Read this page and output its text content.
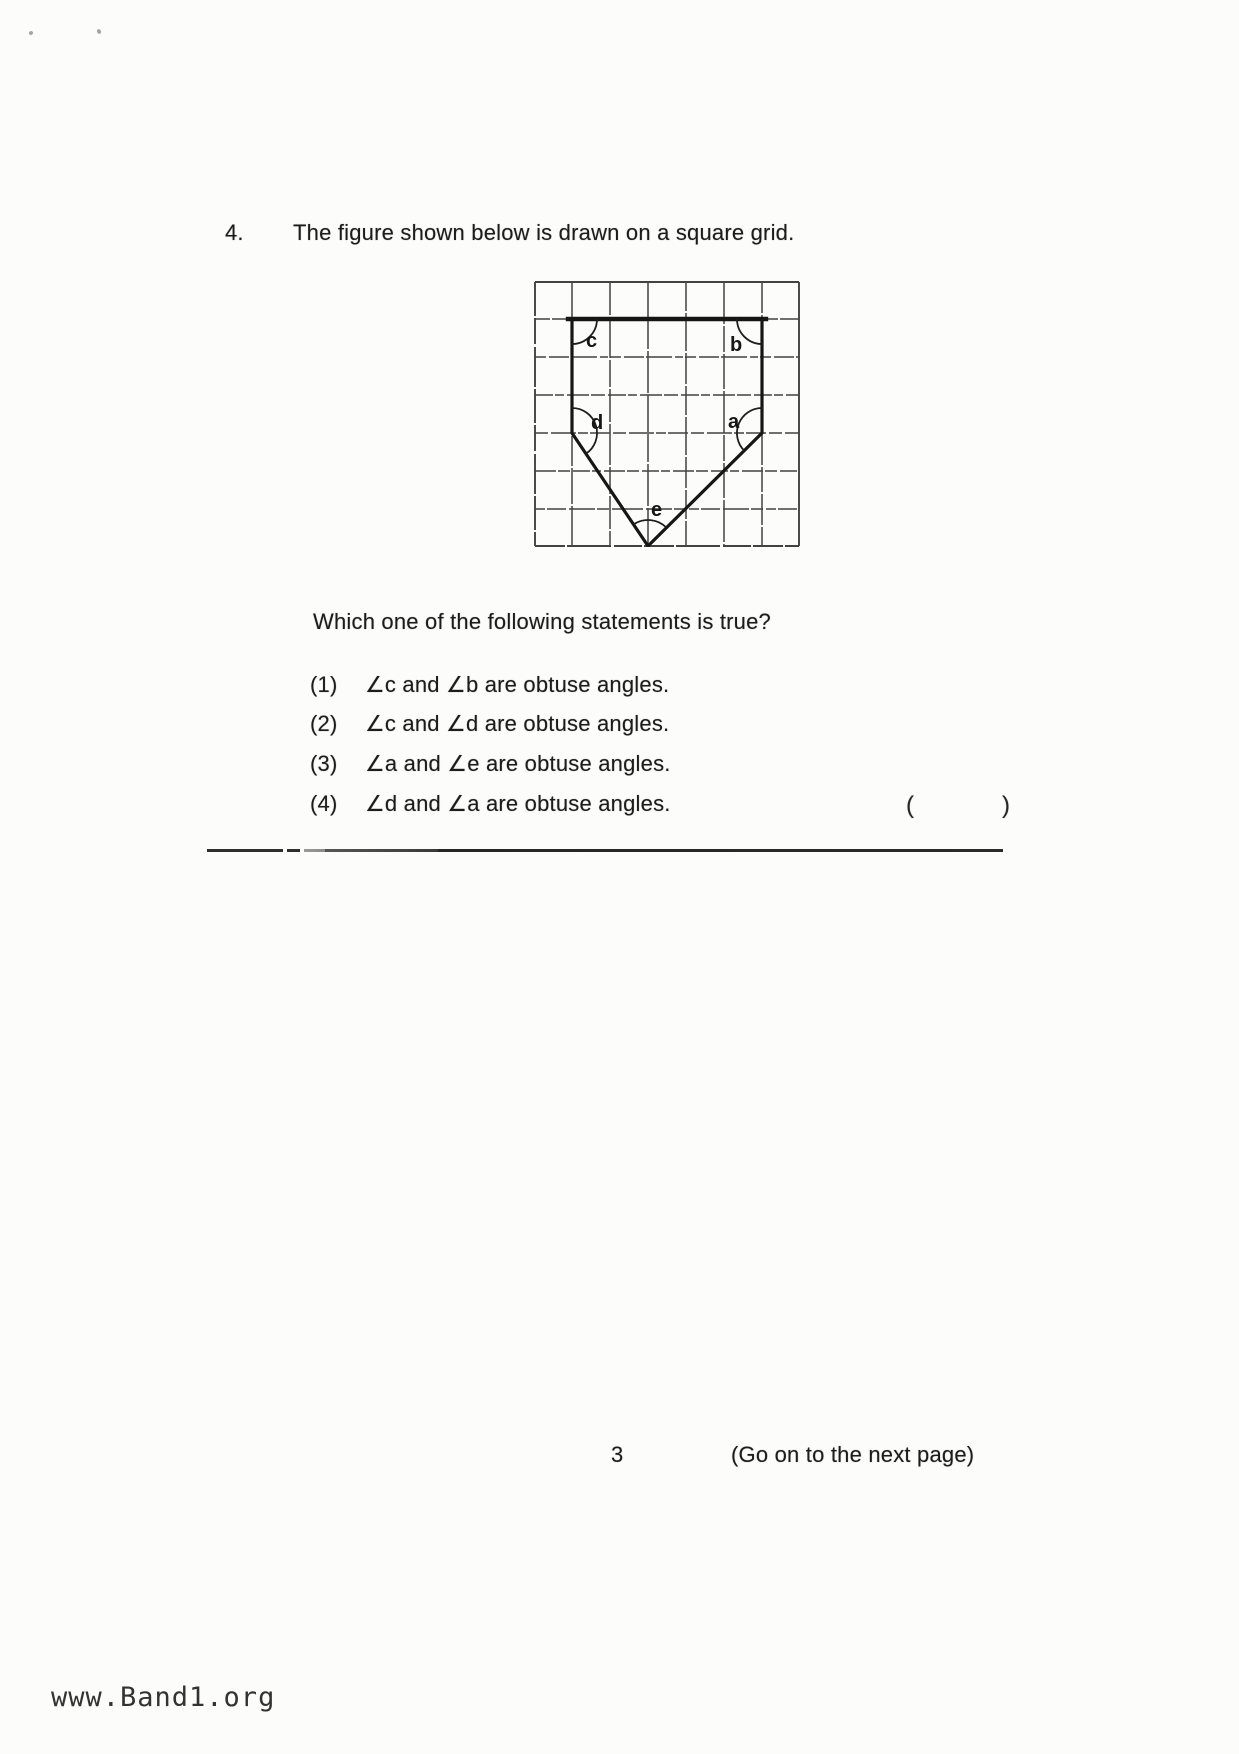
4. The figure shown below is drawn on a square grid.
c	b
d	a
e
Which one of the following statements is true?
(1) ∠c and ∠b are obtuse angles.
(2) ∠c and ∠d are obtuse angles.
(3) ∠a and ∠e are obtuse angles.
(4) ∠d and ∠a are obtuse angles.	(	)
3	(Go on to the next page)
www.Band1.org
